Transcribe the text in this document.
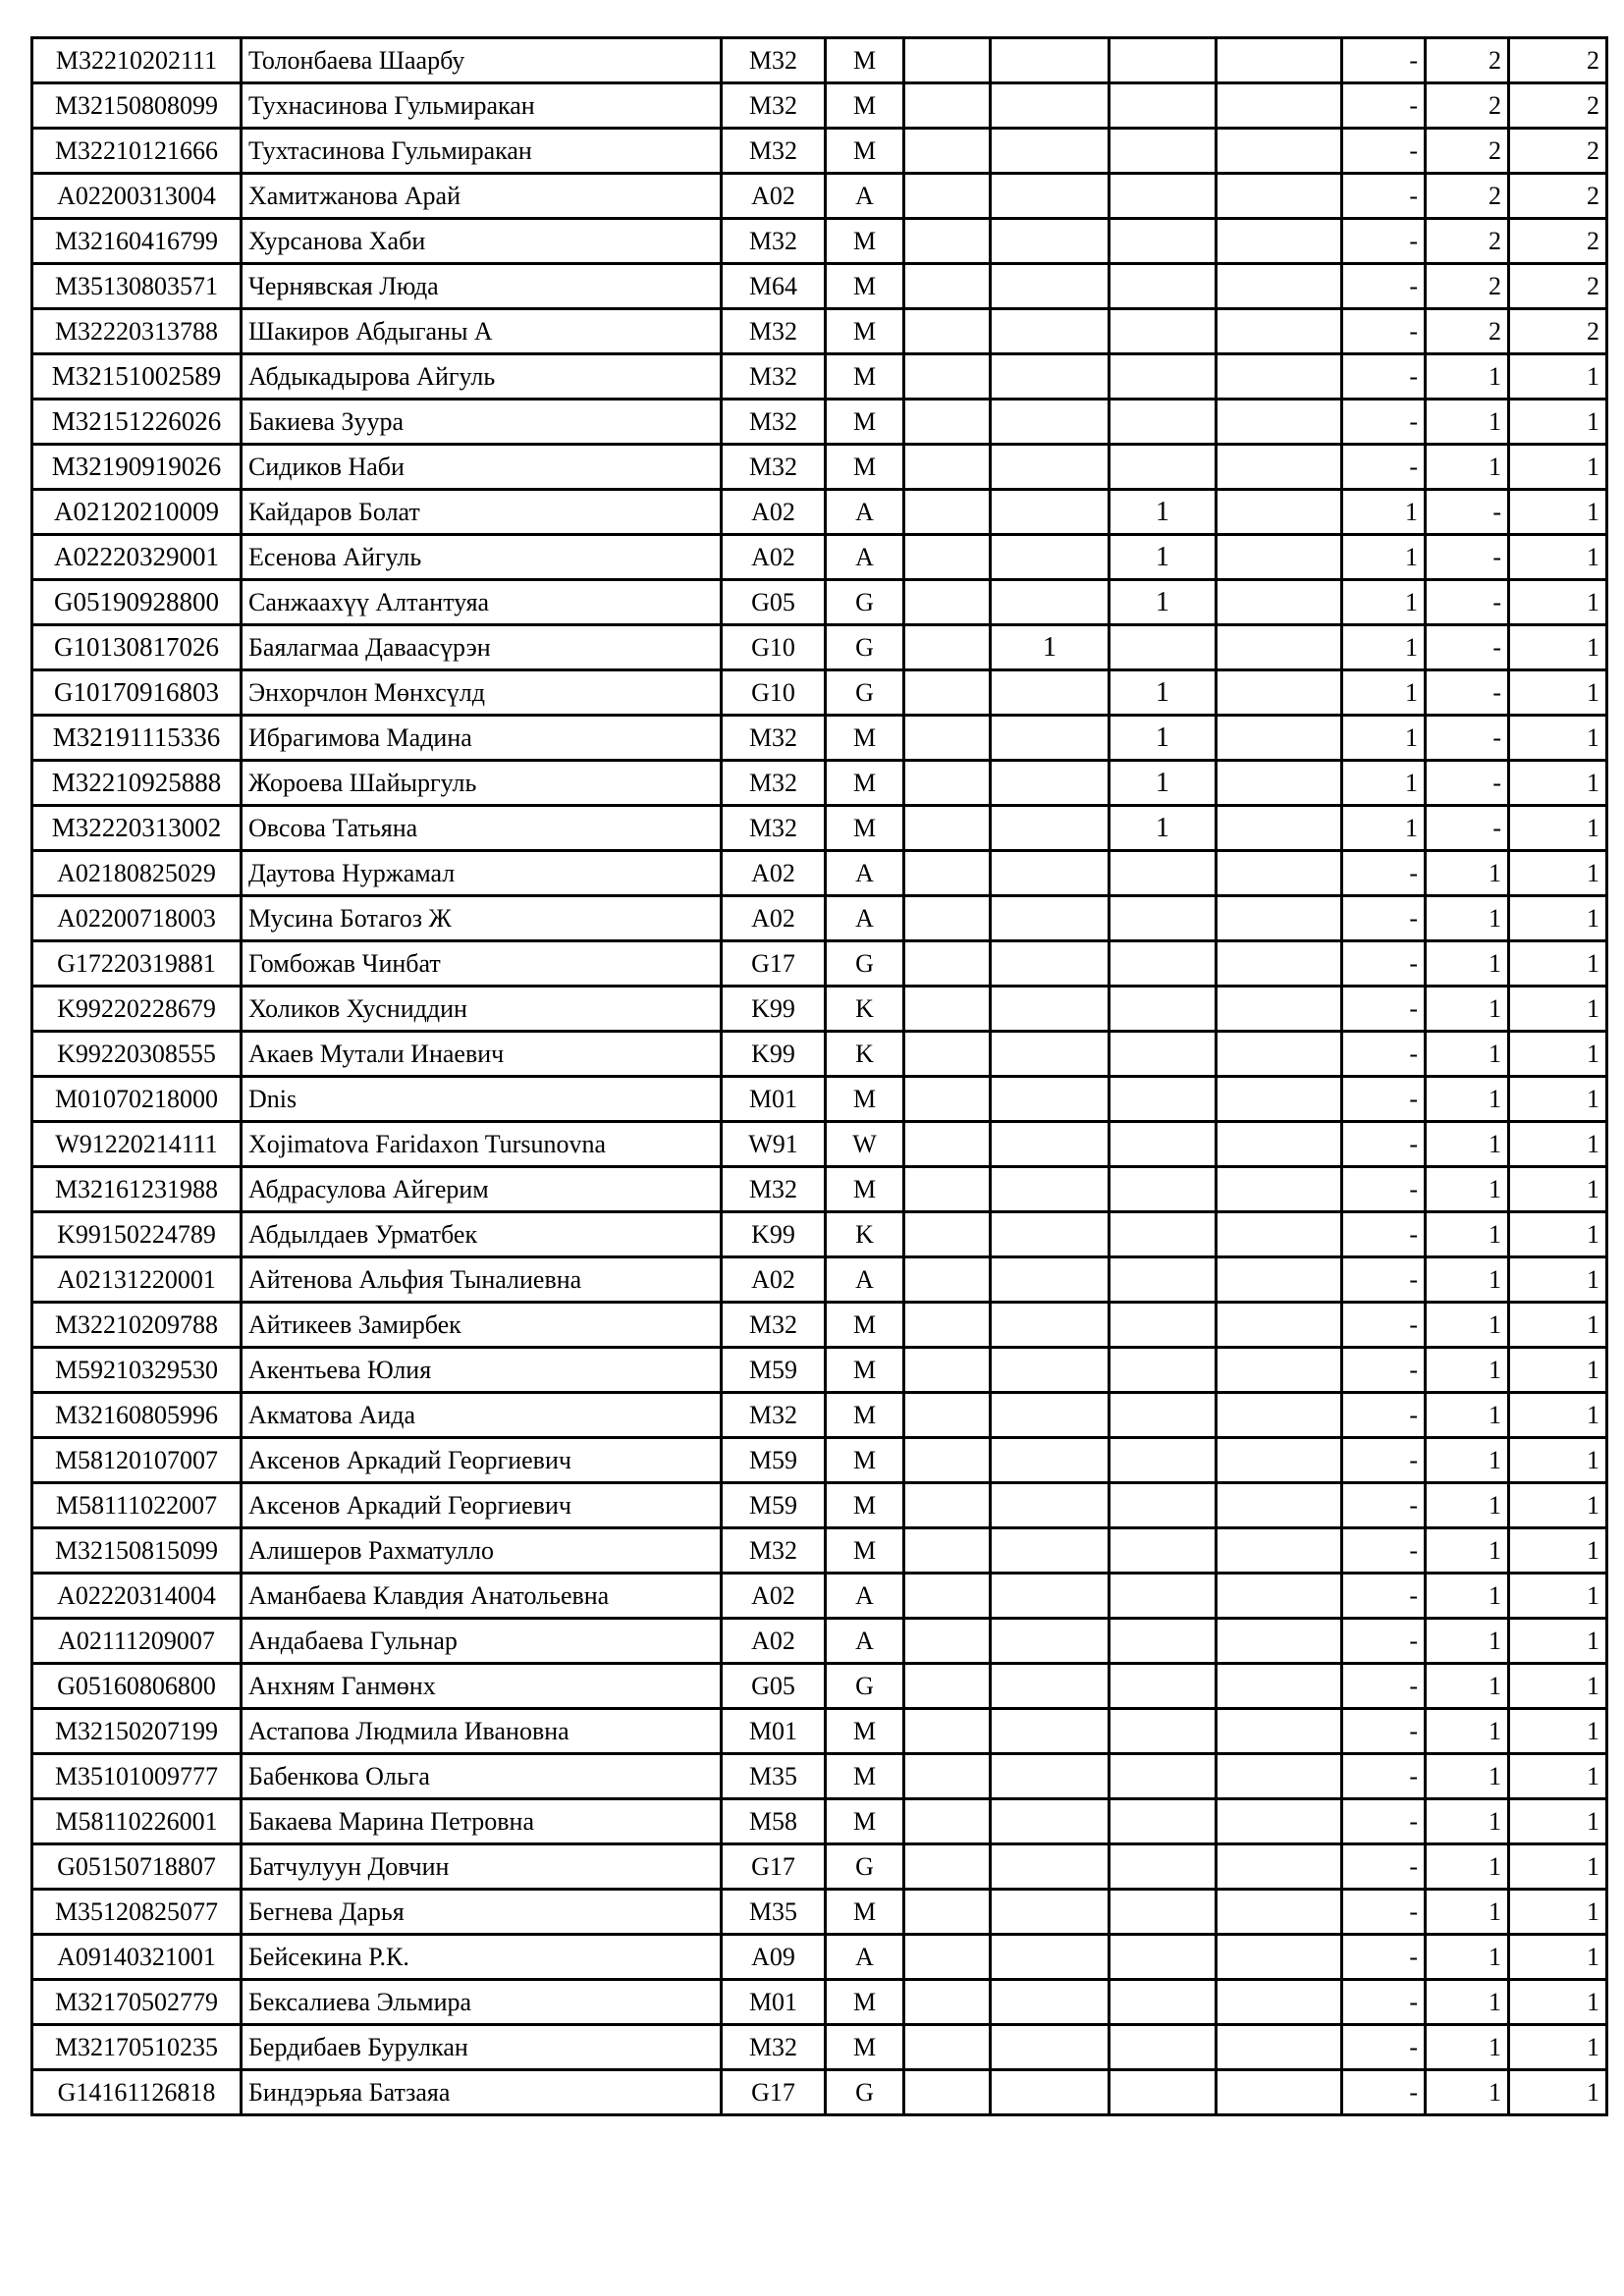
M32210202111	Толонбаева Шаарбу	M32	M					-	2	2
M32150808099	Тухнасинова Гульмиракан	M32	M					-	2	2
M32210121666	Тухтасинова Гульмиракан	M32	M					-	2	2
A02200313004	Хамитжанова Арай	A02	A					-	2	2
M32160416799	Хурсанова Хаби	M32	M					-	2	2
M35130803571	Чернявская Люда	M64	M					-	2	2
M32220313788	Шакиров Абдыганы А	M32	M					-	2	2
M32151002589	Абдыкадырова Айгуль	M32	M					-	1	1
M32151226026	Бакиева Зуура	M32	M					-	1	1
M32190919026	Сидиков Наби	M32	M					-	1	1
A02120210009	Кайдаров Болат	A02	A			1		1	-	1
A02220329001	Есенова Айгуль	A02	A			1		1	-	1
G05190928800	Санжаахүү Алтантуяа	G05	G			1		1	-	1
G10130817026	Баялагмаа Даваасүрэн	G10	G		1			1	-	1
G10170916803	Энхорчлон Мөнхсүлд	G10	G			1		1	-	1
M32191115336	Ибрагимова Мадина	M32	M			1		1	-	1
M32210925888	Жороева Шайыргуль	M32	M			1		1	-	1
M32220313002	Овсова Татьяна	M32	M			1		1	-	1
A02180825029	Даутова Нуржамал	A02	A					-	1	1
A02200718003	Мусина Ботагоз Ж	A02	A					-	1	1
G17220319881	Гомбожав Чинбат	G17	G					-	1	1
K99220228679	Холиков Хусниддин	K99	K					-	1	1
K99220308555	Акаев Мутали Инаевич	K99	K					-	1	1
M01070218000	Dnis	M01	M					-	1	1
W91220214111	Xojimatova Faridaxon Tursunovna	W91	W					-	1	1
M32161231988	Абдрасулова Айгерим	M32	M					-	1	1
K99150224789	Абдылдаев Урматбек	K99	K					-	1	1
A02131220001	Айтенова Альфия Тыналиевна	A02	A					-	1	1
M32210209788	Айтикеев Замирбек	M32	M					-	1	1
M59210329530	Акентьева Юлия	M59	M					-	1	1
M32160805996	Акматова Аида	M32	M					-	1	1
M58120107007	Аксенов Аркадий Георгиевич	M59	M					-	1	1
M58111022007	Аксенов Аркадий Георгиевич	M59	M					-	1	1
M32150815099	Алишеров Рахматулло	M32	M					-	1	1
A02220314004	Аманбаева Клавдия Анатольевна	A02	A					-	1	1
A02111209007	Андабаева Гульнар	A02	A					-	1	1
G05160806800	Анхням Ганмөнх	G05	G					-	1	1
M32150207199	Астапова Людмила Ивановна	M01	M					-	1	1
M35101009777	Бабенкова Ольга	M35	M					-	1	1
M58110226001	Бакаева Марина Петровна	M58	M					-	1	1
G05150718807	Батчулуун Довчин	G17	G					-	1	1
M35120825077	Бегнева Дарья	M35	M					-	1	1
A09140321001	Бейсекина Р.К.	A09	A					-	1	1
M32170502779	Бексалиева Эльмира	M01	M					-	1	1
M32170510235	Бердибаев Бурулкан	M32	M					-	1	1
G14161126818	Биндэрьяа Батзаяа	G17	G					-	1	1
